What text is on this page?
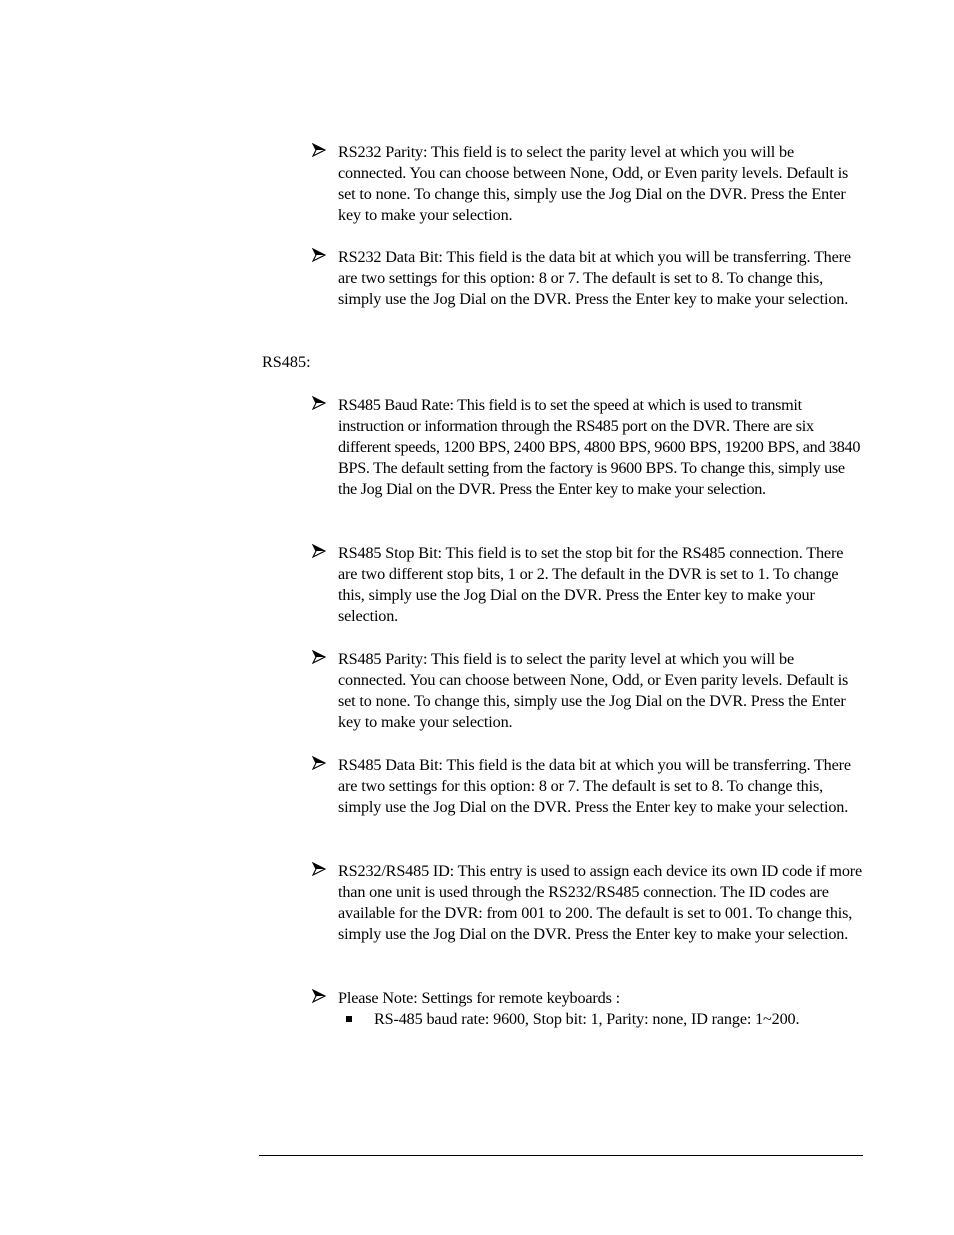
RS232 Parity: This field is to select the parity level at which you will be connected. You can choose between None, Odd, or Even parity levels. Default is set to none. To change this, simply use the Jog Dial on the DVR. Press the Enter key to make your selection.

RS232 Data Bit: This field is the data bit at which you will be transferring. There are two settings for this option: 8 or 7. The default is set to 8. To change this, simply use the Jog Dial on the DVR. Press the Enter key to make your selection.

RS485:

RS485 Baud Rate: This field is to set the speed at which is used to transmit instruction or information through the RS485 port on the DVR. There are six different speeds, 1200 BPS, 2400 BPS, 4800 BPS, 9600 BPS, 19200 BPS, and 3840 BPS. The default setting from the factory is 9600 BPS. To change this, simply use the Jog Dial on the DVR. Press the Enter key to make your selection.

RS485 Stop Bit: This field is to set the stop bit for the RS485 connection. There are two different stop bits, 1 or 2. The default in the DVR is set to 1. To change this, simply use the Jog Dial on the DVR. Press the Enter key to make your selection.

RS485 Parity: This field is to select the parity level at which you will be connected. You can choose between None, Odd, or Even parity levels. Default is set to none. To change this, simply use the Jog Dial on the DVR. Press the Enter key to make your selection.

RS485 Data Bit: This field is the data bit at which you will be transferring. There are two settings for this option: 8 or 7. The default is set to 8. To change this, simply use the Jog Dial on the DVR. Press the Enter key to make your selection.

RS232/RS485 ID: This entry is used to assign each device its own ID code if more than one unit is used through the RS232/RS485 connection. The ID codes are available for the DVR: from 001 to 200. The default is set to 001. To change this, simply use the Jog Dial on the DVR. Press the Enter key to make your selection.

Please Note: Settings for remote keyboards :

RS-485 baud rate: 9600, Stop bit: 1, Parity: none, ID range: 1~200.
